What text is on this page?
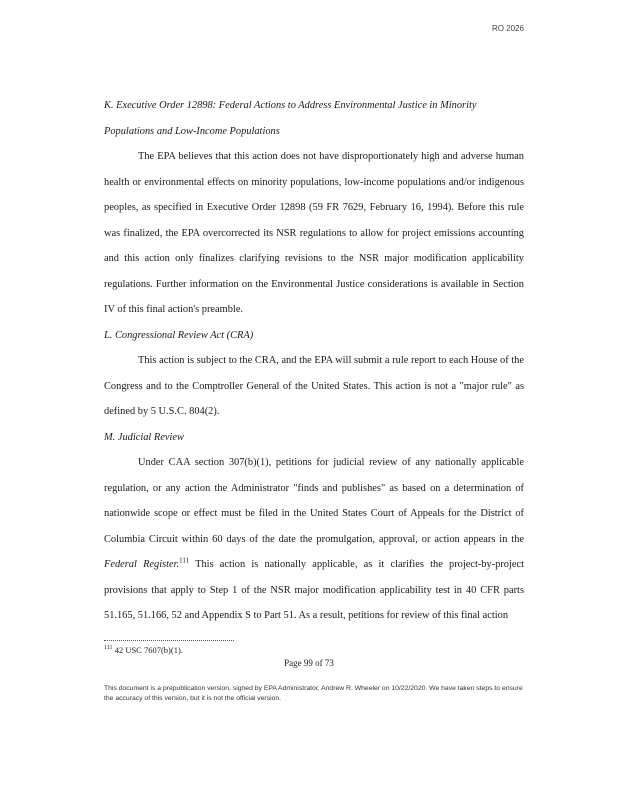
RO 2026

K. Executive Order 12898: Federal Actions to Address Environmental Justice in Minority

Populations and Low-Income Populations

The EPA believes that this action does not have disproportionately high and adverse human health or environmental effects on minority populations, low-income populations and/or indigenous peoples, as specified in Executive Order 12898 (59 FR 7629, February 16, 1994). Before this rule was finalized, the EPA overcorrected its NSR regulations to allow for project emissions accounting and this action only finalizes clarifying revisions to the NSR major modification applicability regulations. Further information on the Environmental Justice considerations is available in Section IV of this final action's preamble.

L. Congressional Review Act (CRA)

This action is subject to the CRA, and the EPA will submit a rule report to each House of the Congress and to the Comptroller General of the United States. This action is not a "major rule" as defined by 5 U.S.C. 804(2).

M. Judicial Review

Under CAA section 307(b)(1), petitions for judicial review of any nationally applicable regulation, or any action the Administrator "finds and publishes" as based on a determination of nationwide scope or effect must be filed in the United States Court of Appeals for the District of Columbia Circuit within 60 days of the date the promulgation, approval, or action appears in the Federal Register.$^{111}$ This action is nationally applicable, as it clarifies the project-by-project provisions that apply to Step 1 of the NSR major modification applicability test in 40 CFR parts 51.165, 51.166, 52 and Appendix S to Part 51. As a result, petitions for review of this final action

$^{111}$ 42 USC 7607(b)(1).
Page 99 of 73
This document is a prepublication version, signed by EPA Administrator, Andrew R. Wheeler on 10/22/2020. We have taken steps to ensure the accuracy of this version, but it is not the official version.
